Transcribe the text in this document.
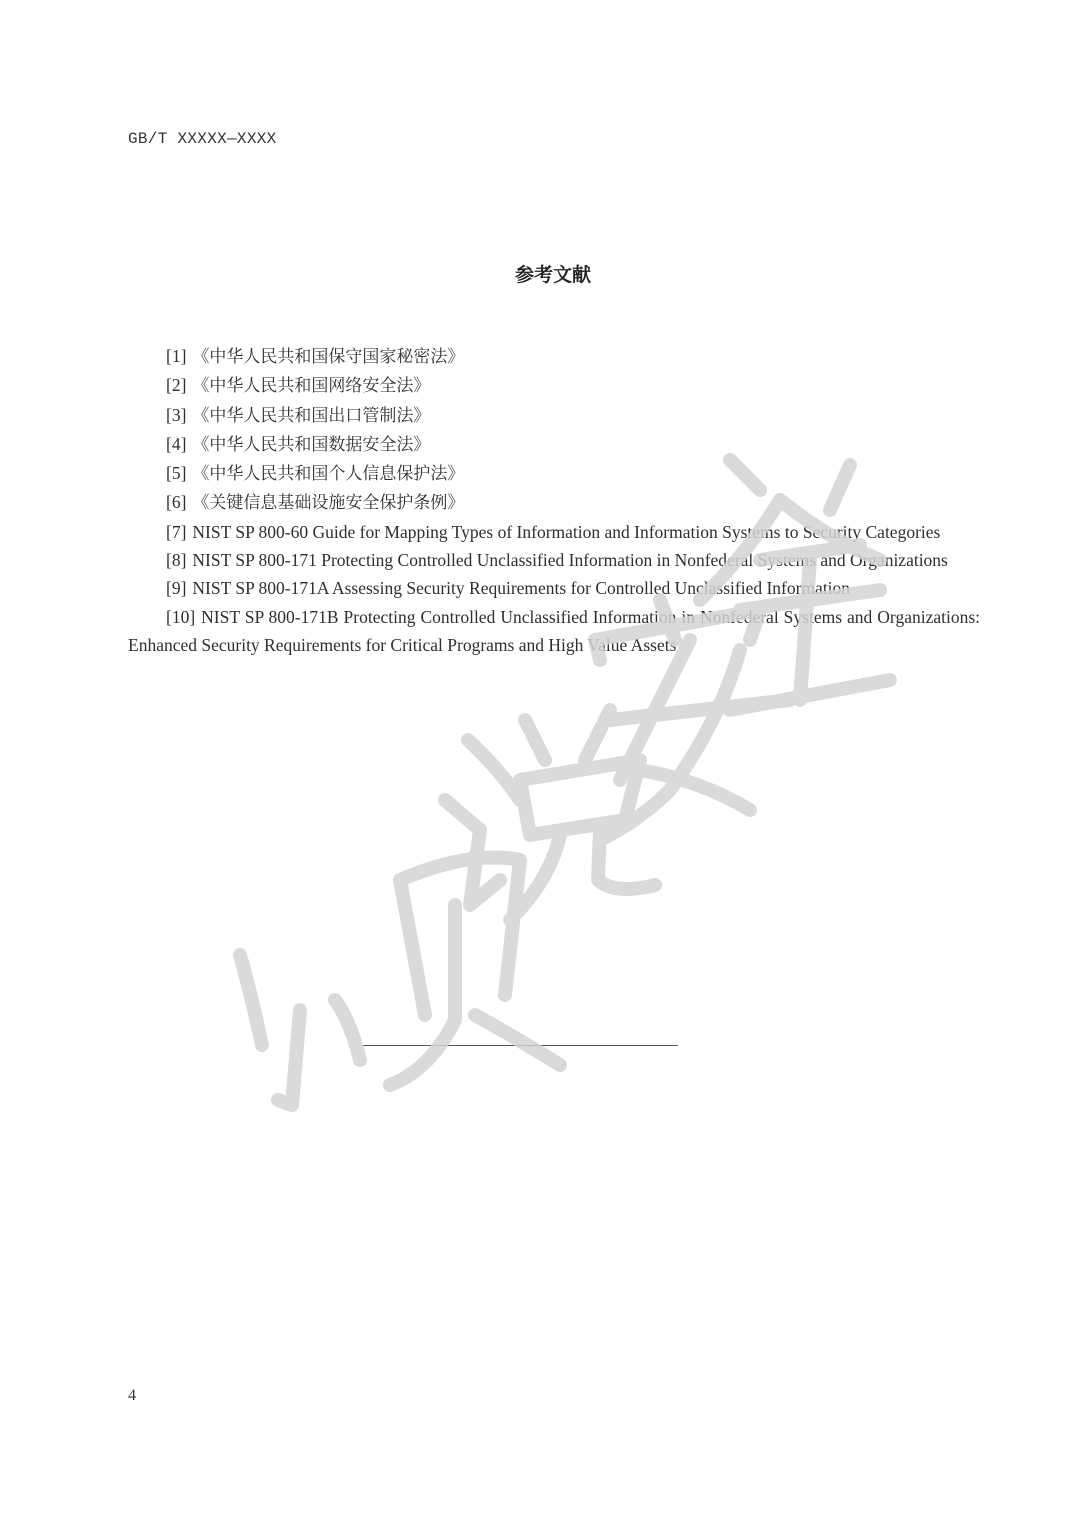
GB/T XXXXX—XXXX
参考文献
[1] 《中华人民共和国保守国家秘密法》
[2] 《中华人民共和国网络安全法》
[3] 《中华人民共和国出口管制法》
[4] 《中华人民共和国数据安全法》
[5] 《中华人民共和国个人信息保护法》
[6] 《关键信息基础设施安全保护条例》
[7] NIST SP 800-60 Guide for Mapping Types of Information and Information Systems to Security Categories
[8] NIST SP 800-171 Protecting Controlled Unclassified Information in Nonfederal Systems and Organizations
[9] NIST SP 800-171A Assessing Security Requirements for Controlled Unclassified Information
[10] NIST SP 800-171B Protecting Controlled Unclassified Information in Nonfederal Systems and Organizations: Enhanced Security Requirements for Critical Programs and High Value Assets
4
